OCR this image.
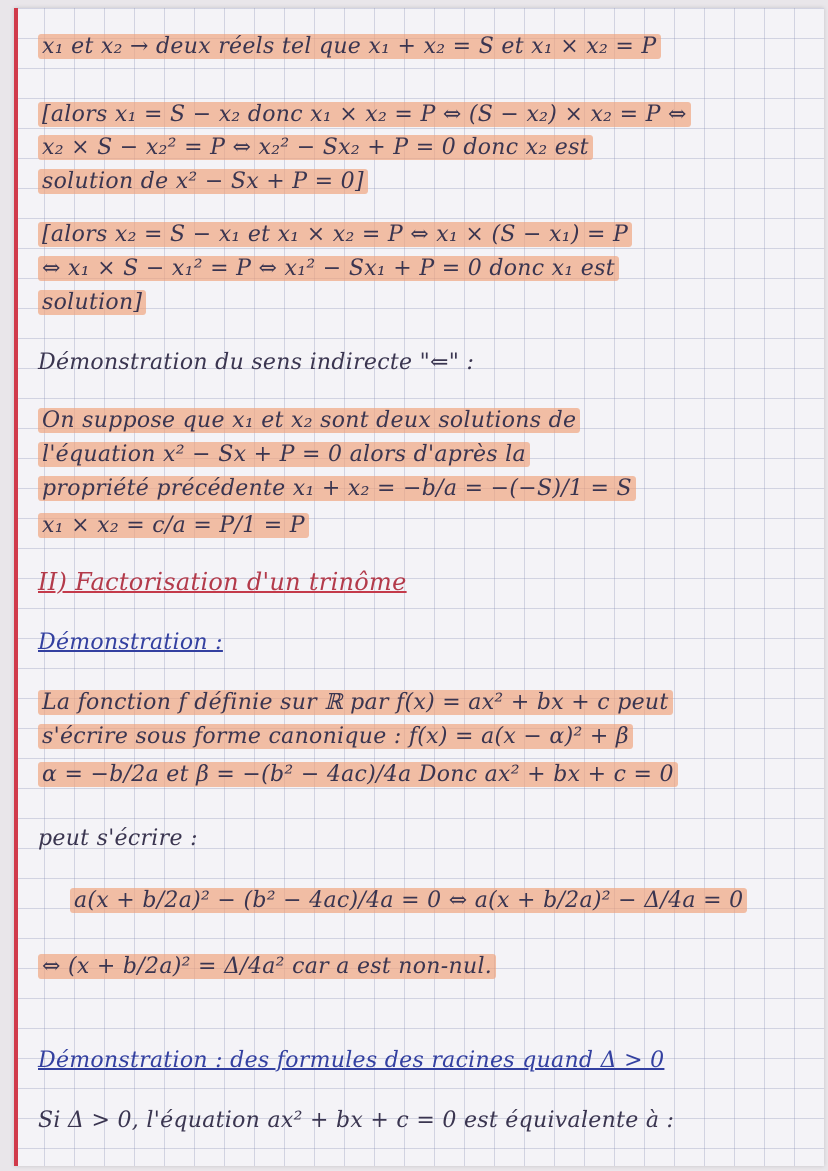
x₁ et x₂ → deux réels tel que x₁ + x₂ = S et x₁ × x₂ = P
[alors x₁ = S − x₂ donc x₁ × x₂ = P ⇔ (S − x₂) × x₂ = P ⇔
x₂ × S − x₂² = P ⇔ x₂² − Sx₂ + P = 0 donc x₂ est
solution de x² − Sx + P = 0]
[alors x₂ = S − x₁ et x₁ × x₂ = P ⇔ x₁ × (S − x₁) = P
⇔ x₁ × S − x₁² = P ⇔ x₁² − Sx₁ + P = 0 donc x₁ est
solution]
Démonstration du sens indirecte "⇐" :
On suppose que x₁ et x₂ sont deux solutions de
l'équation x² − Sx + P = 0 alors d'après la
propriété précédente x₁ + x₂ = −b/a = −(−S)/1 = S
x₁ × x₂ = c/a = P/1 = P
II) Factorisation d'un trinôme
Démonstration :
La fonction f définie sur ℝ par f(x) = ax² + bx + c peut
s'écrire sous forme canonique : f(x) = a(x − α)² + β
α = −b/2a et β = −(b² − 4ac)/4a Donc ax² + bx + c = 0
peut s'écrire :
a(x + b/2a)² − (b² − 4ac)/4a = 0 ⇔ a(x + b/2a)² − Δ/4a = 0
⇔ (x + b/2a)² = Δ/4a² car a est non-nul.
Démonstration : des formules des racines quand Δ > 0
Si Δ > 0, l'équation ax² + bx + c = 0 est équivalente à :
